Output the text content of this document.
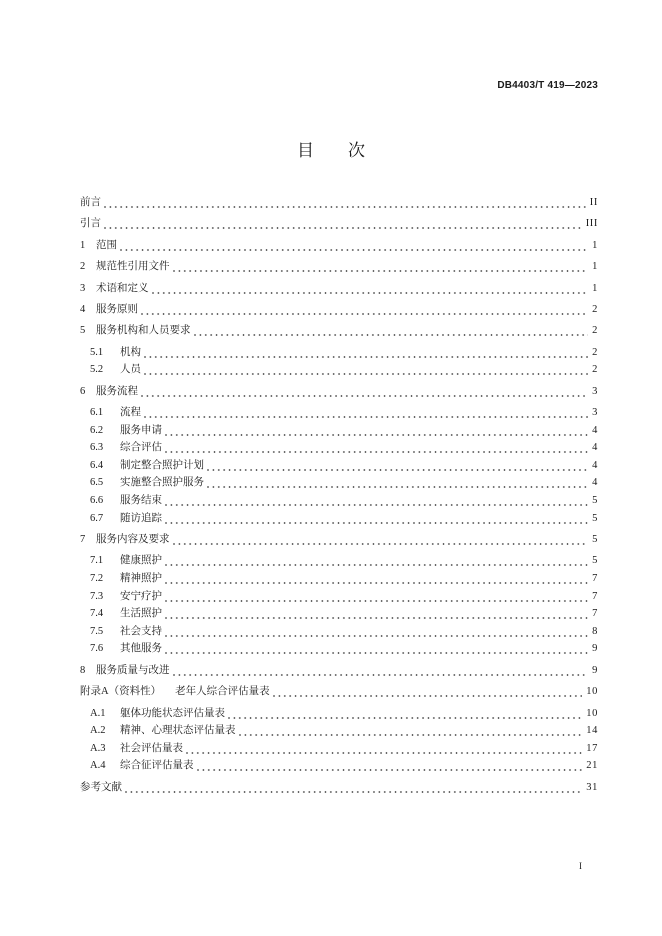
DB4403/T 419—2023
目　　次
前言	II
引言	III
1	范围	1
2	规范性引用文件	1
3	术语和定义	1
4	服务原则	2
5	服务机构和人员要求	2
5.1	机构	2
5.2	人员	2
6	服务流程	3
6.1	流程	3
6.2	服务申请	4
6.3	综合评估	4
6.4	制定整合照护计划	4
6.5	实施整合照护服务	4
6.6	服务结束	5
6.7	随访追踪	5
7	服务内容及要求	5
7.1	健康照护	5
7.2	精神照护	7
7.3	安宁疗护	7
7.4	生活照护	7
7.5	社会支持	8
7.6	其他服务	9
8	服务质量与改进	9
附录A（资料性） 老年人综合评估量表	10
A.1	躯体功能状态评估量表	10
A.2	精神、心理状态评估量表	14
A.3	社会评估量表	17
A.4	综合征评估量表	21
参考文献	31
I
